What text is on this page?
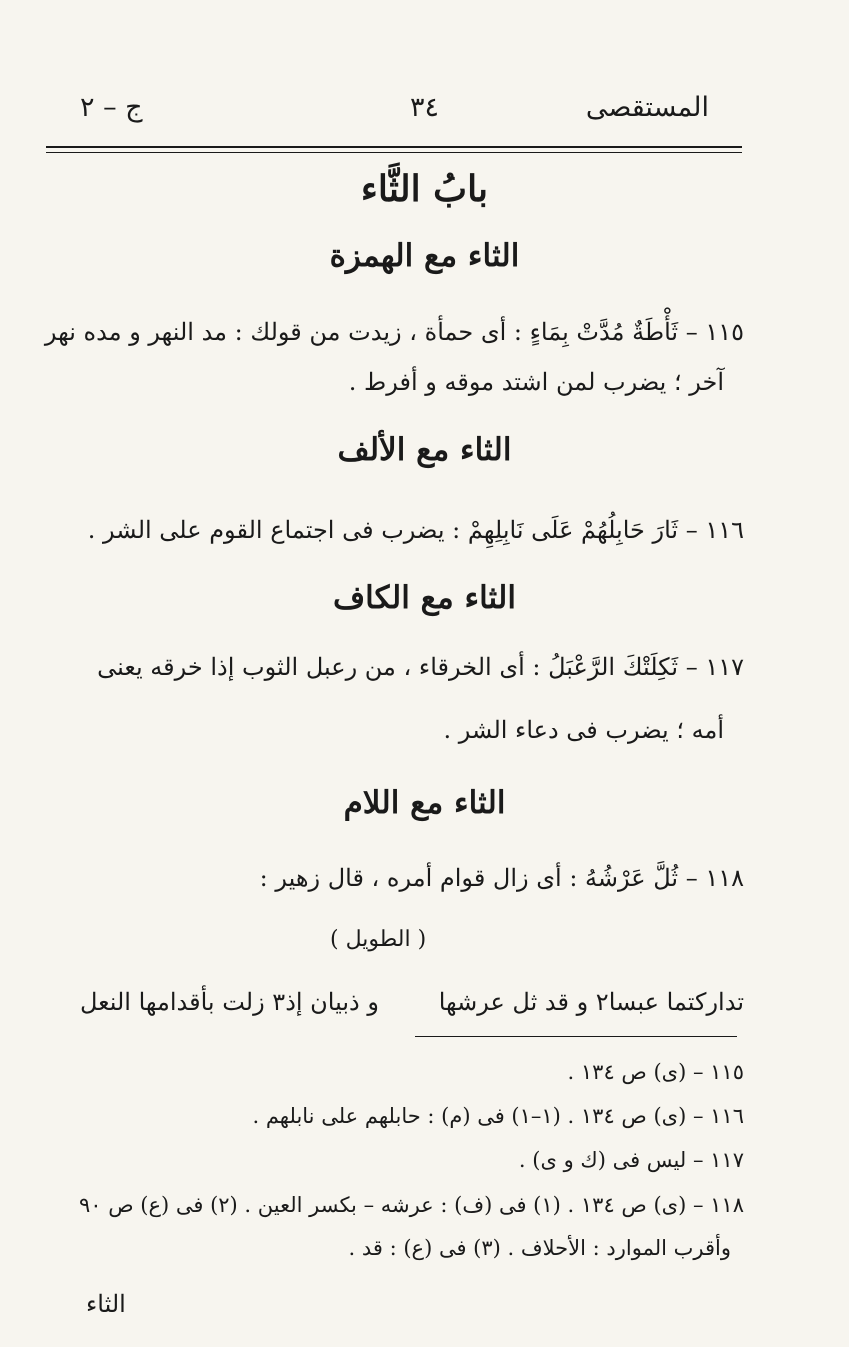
المستقصى
٣٤
ج – ٢
بابُ الثَّاء
الثاء مع الهمزة
١١٥ – ثَأْطَةٌ مُدَّتْ بِمَاءٍ : أى حمأة ، زيدت من قولك : مد النهر و مده نهر
آخر ؛ يضرب لمن اشتد موقه و أفرط .
الثاء مع الألف
١١٦ – ثَارَ حَابِلُهُمْ عَلَى نَابِلِهِمْ : يضرب فى اجتماع القوم على الشر .
الثاء مع الكاف
١١٧ – ثَكِلَتْكَ الرَّعْبَلُ : أى الخرقاء ، من رعبل الثوب إذا خرقه يعنى
أمه ؛ يضرب فى دعاء الشر .
الثاء مع اللام
١١٨ – ثُلَّ عَرْشُهُ : أى زال قوام أمره ، قال زهير :
( الطويل )
تداركتما عبسا٢ و قد ثل عرشها
و ذبيان إذ٣ زلت بأقدامها النعل
١١٥ – (ى) ص ١٣٤ .
١١٦ – (ى) ص ١٣٤ . (١–١) فى (م) : حابلهم على نابلهم .
١١٧ – ليس فى (ك و ى) .
١١٨ – (ى) ص ١٣٤ . (١) فى (ف) : عرشه – بكسر العين . (٢) فى (ع) ص ٩٠
وأقرب الموارد : الأحلاف . (٣) فى (ع) : قد .
الثاء
